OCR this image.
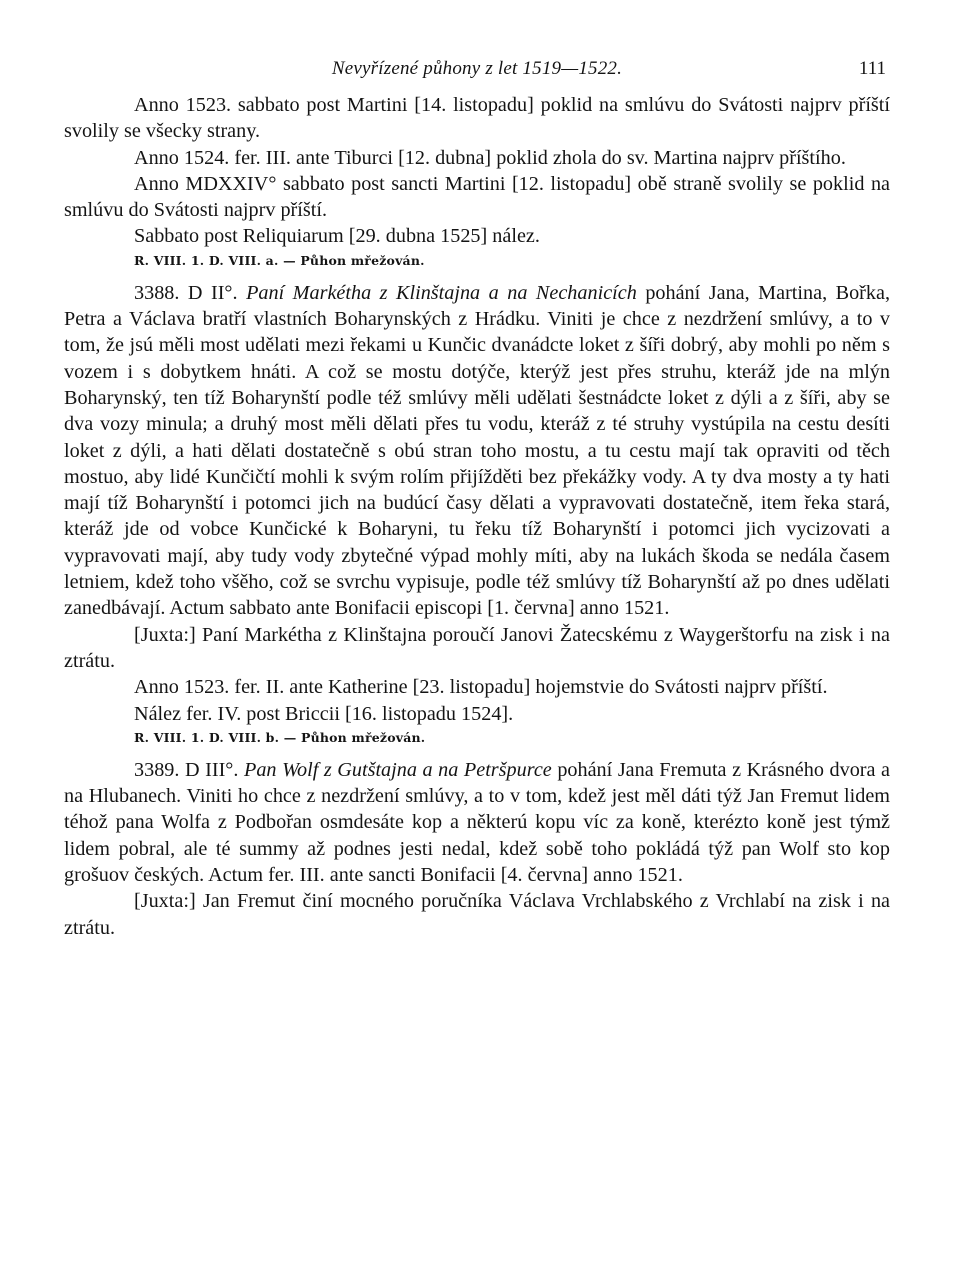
Nevyřízené půhony z let 1519—1522.	111

Anno 1523. sabbato post Martini [14. listopadu] poklid na smlúvu do Svátosti najprv příští svolily se všecky strany.

Anno 1524. fer. III. ante Tiburci [12. dubna] poklid zhola do sv. Martina najprv příštího.

Anno MDXXIV° sabbato post sancti Martini [12. listopadu] obě straně svolily se poklid na smlúvu do Svátosti najprv příští.

Sabbato post Reliquiarum [29. dubna 1525] nález.

R. VIII. 1. D. VIII. a. — Půhon mřežován.

3388. D II°. Paní Markétha z Klinštajna a na Nechanicích pohání Jana, Martina, Bořka, Petra a Václava bratří vlastních Boharynských z Hrádku. Viniti je chce z nezdržení smlúvy, a to v tom, že jsú měli most udělati mezi řekami u Kunčic dvanádcte loket z šíři dobrý, aby mohli po něm s vozem i s dobytkem hnáti. A což se mostu dotýče, kterýž jest přes struhu, kteráž jde na mlýn Boharynský, ten tíž Boharynští podle též smlúvy měli udělati šestnádcte loket z dýli a z šíři, aby se dva vozy minula; a druhý most měli dělati přes tu vodu, kteráž z té struhy vystúpila na cestu desíti loket z dýli, a hati dělati dostatečně s obú stran toho mostu, a tu cestu mají tak opraviti od těch mostuo, aby lidé Kunčičtí mohli k svým rolím přijížděti bez překážky vody. A ty dva mosty a ty hati mají tíž Boharynští i potomci jich na budúcí časy dělati a vypravovati dostatečně, item řeka stará, kteráž jde od vobce Kunčické k Boharyni, tu řeku tíž Boharynští i potomci jich vycizovati a vypravovati mají, aby tudy vody zbytečné výpad mohly míti, aby na lukách škoda se nedála časem letniem, kdež toho všěho, což se svrchu vypisuje, podle též smlúvy tíž Boharynští až po dnes udělati zanedbávají. Actum sabbato ante Bonifacii episcopi [1. června] anno 1521.

[Juxta:] Paní Markétha z Klinštajna poroučí Janovi Žatecskému z Waygerštorfu na zisk i na ztrátu.

Anno 1523. fer. II. ante Katherine [23. listopadu] hojemstvie do Svátosti najprv příští.

Nález fer. IV. post Briccii [16. listopadu 1524].

R. VIII. 1. D. VIII. b. — Půhon mřežován.

3389. D III°. Pan Wolf z Gutštajna a na Petršpurce pohání Jana Fremuta z Krásného dvora a na Hlubanech. Viniti ho chce z nezdržení smlúvy, a to v tom, kdež jest měl dáti týž Jan Fremut lidem téhož pana Wolfa z Podbořan osmdesáte kop a některú kopu víc za koně, kterézto koně jest týmž lidem pobral, ale té summy až podnes jesti nedal, kdež sobě toho pokládá týž pan Wolf sto kop grošuov českých. Actum fer. III. ante sancti Bonifacii [4. června] anno 1521.

[Juxta:] Jan Fremut činí mocného poručníka Václava Vrchlabského z Vrchlabí na zisk i na ztrátu.
